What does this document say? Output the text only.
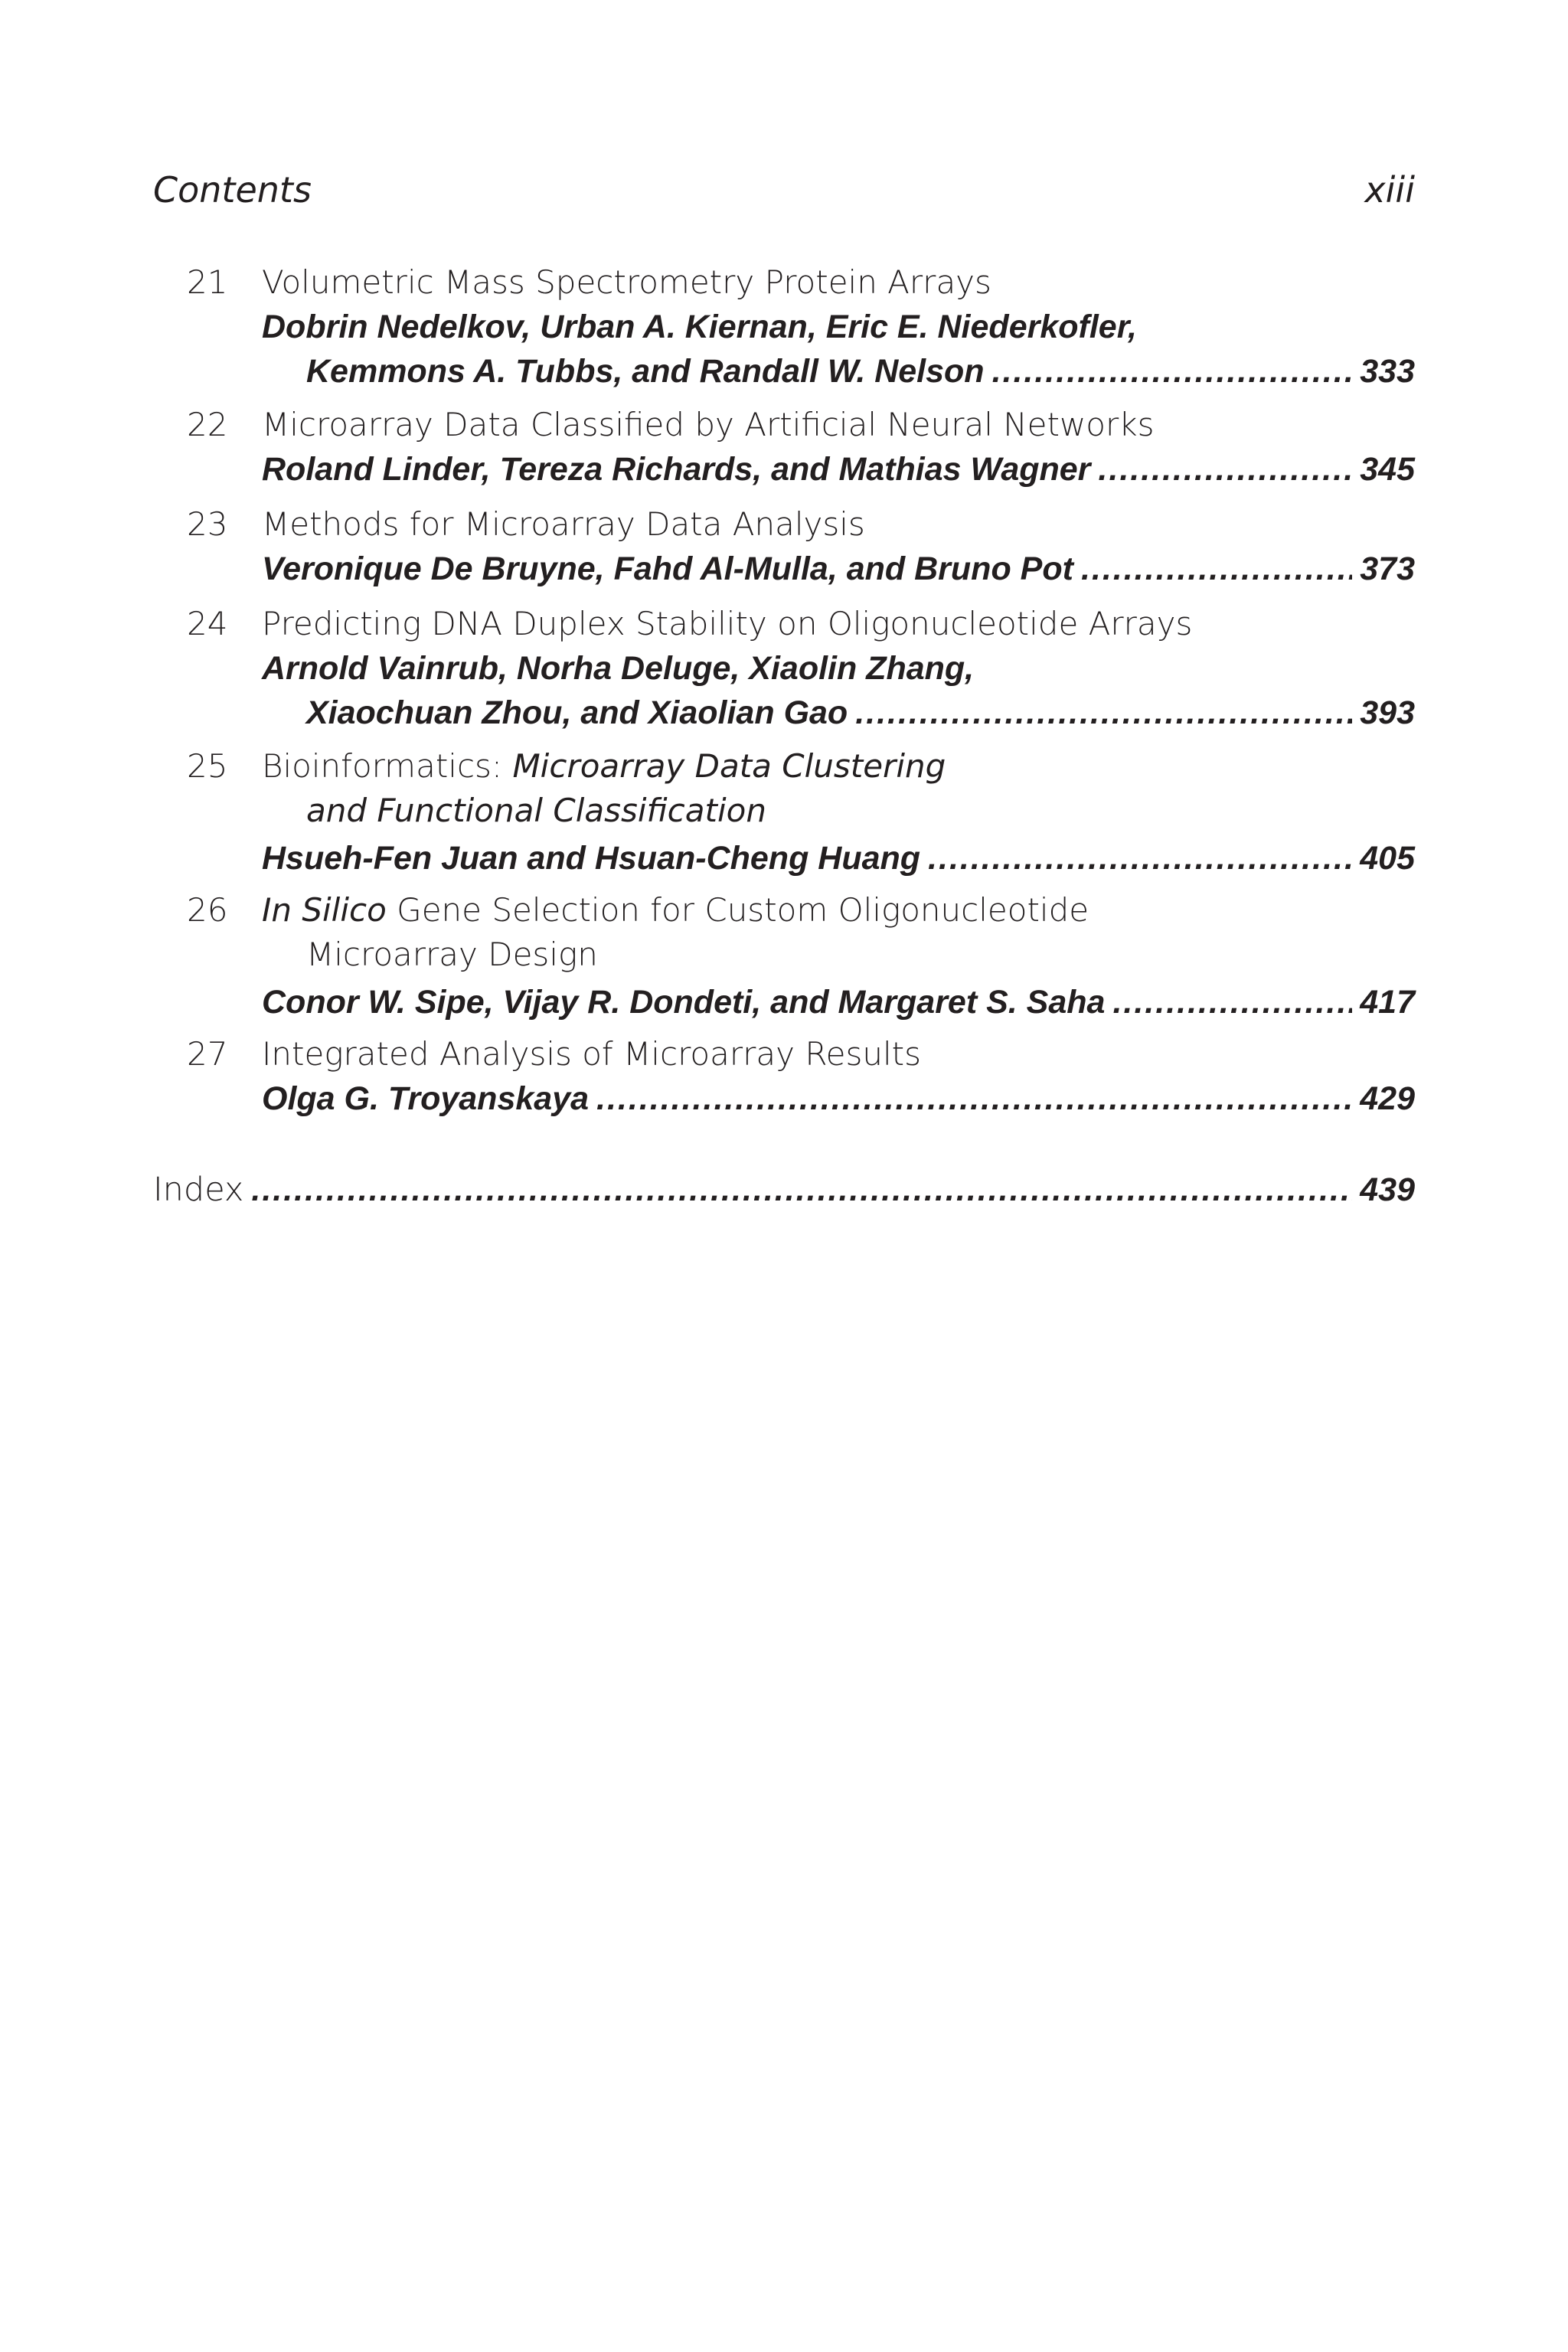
Contents	xiii
21 Volumetric Mass Spectrometry Protein Arrays
Dobrin Nedelkov, Urban A. Kiernan, Eric E. Niederkofler,
Kemmons A. Tubbs, and Randall W. Nelson .....	333
22 Microarray Data Classified by Artificial Neural Networks
Roland Linder, Tereza Richards, and Mathias Wagner .....	345
23 Methods for Microarray Data Analysis
Veronique De Bruyne, Fahd Al-Mulla, and Bruno Pot .....	373
24 Predicting DNA Duplex Stability on Oligonucleotide Arrays
Arnold Vainrub, Norha Deluge, Xiaolin Zhang,
Xiaochuan Zhou, and Xiaolian Gao .....	393
25 Bioinformatics: Microarray Data Clustering
and Functional Classification
Hsueh-Fen Juan and Hsuan-Cheng Huang .....	405
26 In Silico Gene Selection for Custom Oligonucleotide
Microarray Design
Conor W. Sipe, Vijay R. Dondeti, and Margaret S. Saha .....	417
27 Integrated Analysis of Microarray Results
Olga G. Troyanskaya .....	429
Index .....	439
